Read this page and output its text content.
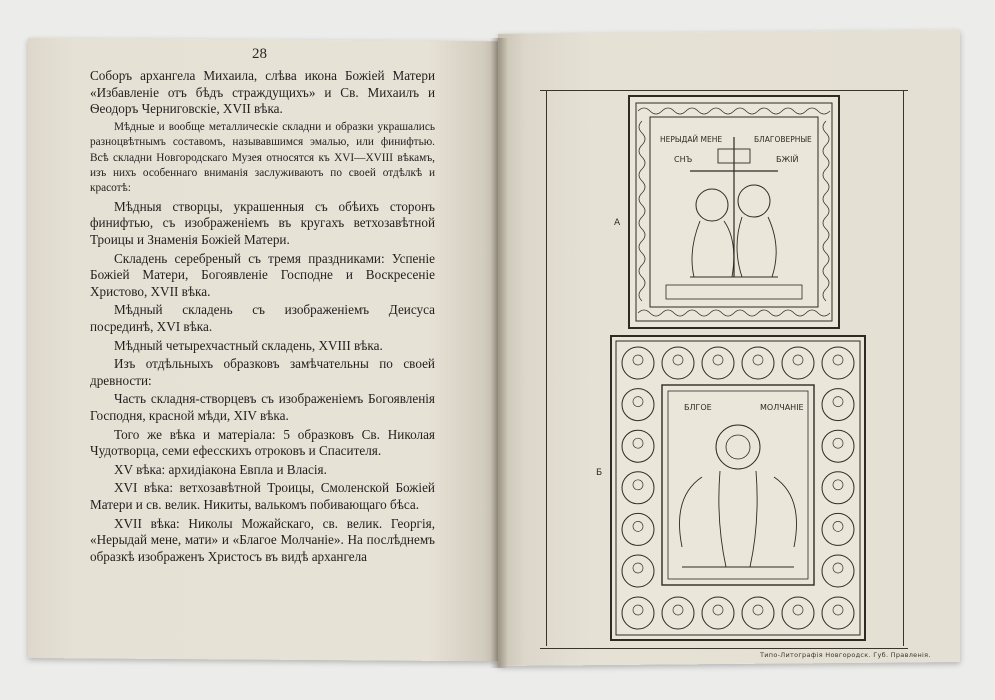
28

Соборъ архангела Михаила, слѣва икона Божіей Матери «Избавленіе отъ бѣдъ страждущихъ» и Св. Михаилъ и Ѳеодоръ Черниговскіе, XVII вѣка.

Мѣдные и вообще металлическіе складни и образки украшались разноцвѣтнымъ составомъ, называвшимся эмалью, или финифтью. Всѣ складни Новгородскаго Музея относятся къ XVI—XVIII вѣкамъ, изъ нихъ особеннаго вниманія заслуживаютъ по своей отдѣлкѣ и красотѣ:

Мѣдныя створцы, украшенныя съ обѣихъ сторонъ финифтью, съ изображеніемъ въ кругахъ ветхозавѣтной Троицы и Знаменія Божіей Матери.

Складень серебреный съ тремя праздниками: Успеніе Божіей Матери, Богоявленіе Господне и Воскресеніе Христово, XVII вѣка.

Мѣдный складень съ изображеніемъ Деисуса посрединѣ, XVI вѣка.

Мѣдный четырехчастный складень, XVIII вѣка.

Изъ отдѣльныхъ образковъ замѣчательны по своей древности:

Часть складня-створцевъ съ изображеніемъ Богоявленія Господня, красной мѣди, XIV вѣка.

Того же вѣка и матеріала: 5 образковъ Св. Николая Чудотворца, семи ефесскихъ отроковъ и Спасителя.

XV вѣка: архидіакона Евпла и Власія.

XVI вѣка: ветхозавѣтной Троицы, Смоленской Божіей Матери и св. велик. Никиты, валькомъ побивающаго бѣса.

XVII вѣка: Николы Можайскаго, св. велик. Георгія, «Нерыдай мене, мати» и «Благое Молчаніе». На послѣднемъ образкѣ изображенъ Христосъ въ видѣ архангела

НЕРЫДАЙ МЕНЕ	БЛАГОВЕРНЫЕ
СНЪ	БЖІЙ
БЛГОЕ	МОЛЧАНІЕ
А
Б
Типо-Литографія Новгородск. Губ. Правленія.
